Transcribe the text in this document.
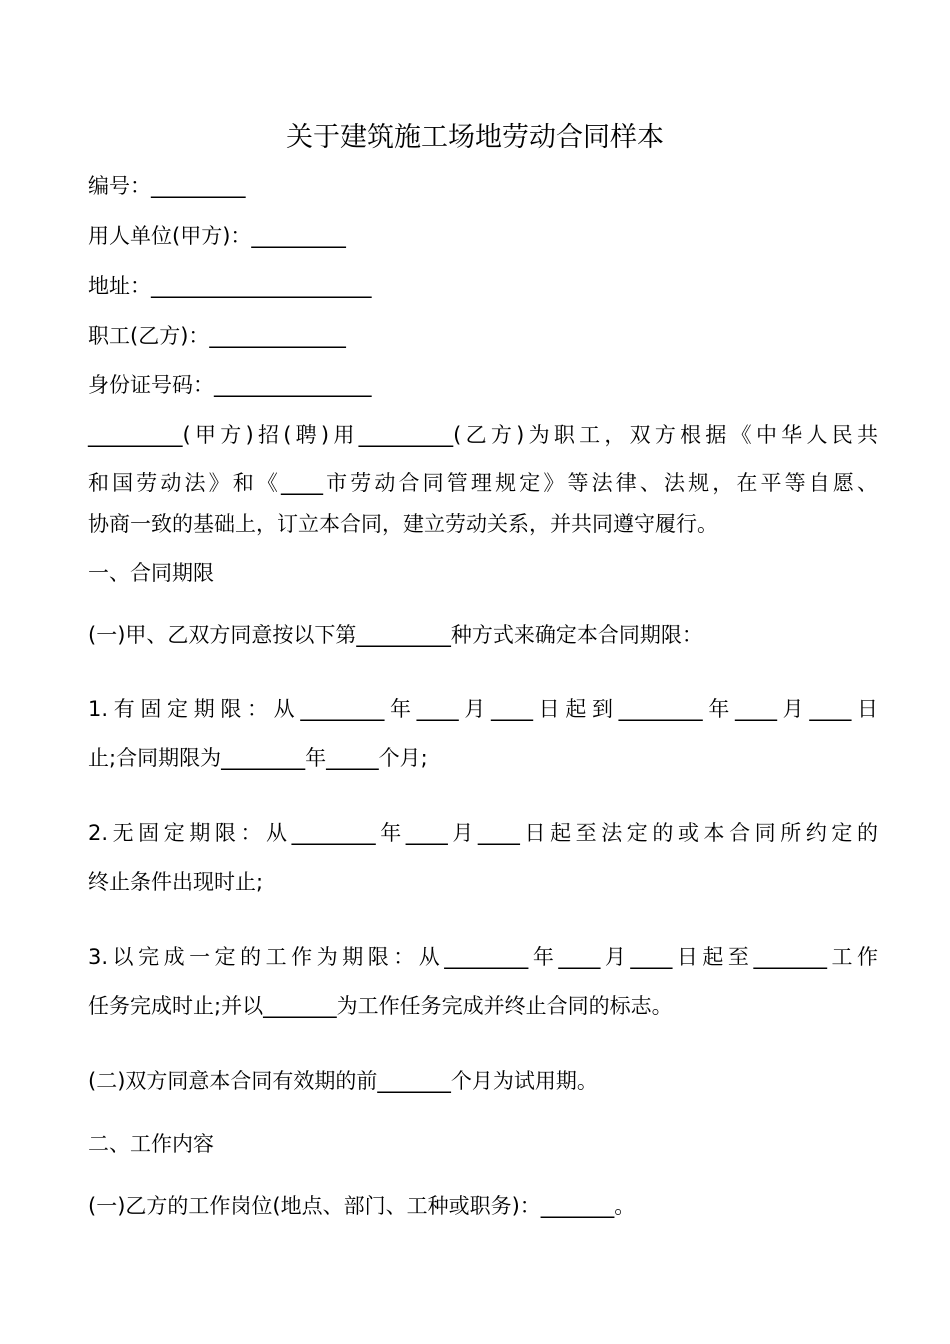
关于建筑施工场地劳动合同样本
编号：_________
用人单位(甲方)：_________
地址：_____________________
职工(乙方)：_____________
身份证号码：_______________
_________(甲方)招(聘)用_________(乙方)为职工，双方根据《中华人民共
和国劳动法》和《____市劳动合同管理规定》等法律、法规，在平等自愿、
协商一致的基础上，订立本合同，建立劳动关系，并共同遵守履行。
一、合同期限
(一)甲、乙双方同意按以下第_________种方式来确定本合同期限：
1.有固定期限：从________年____月____日起到________年____月____日
止;合同期限为________年_____个月;
2.无固定期限：从________年____月____日起至法定的或本合同所约定的
终止条件出现时止;
3.以完成一定的工作为期限：从________年____月____日起至_______工作
任务完成时止;并以_______为工作任务完成并终止合同的标志。
(二)双方同意本合同有效期的前_______个月为试用期。
二、工作内容
(一)乙方的工作岗位(地点、部门、工种或职务)：_______。
